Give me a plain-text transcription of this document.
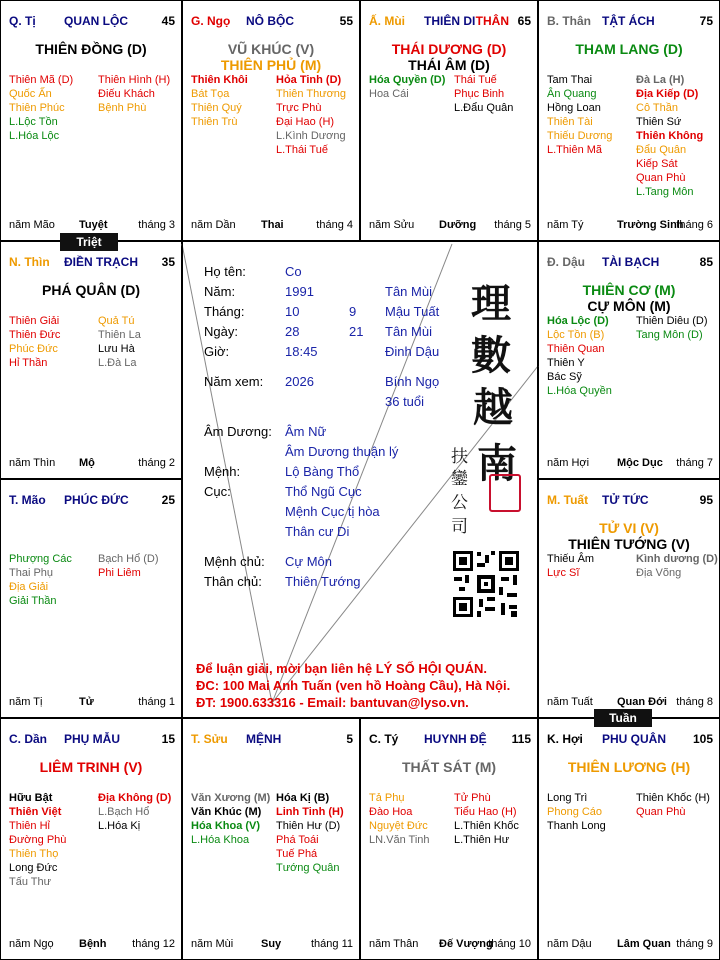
Q. Tị QUAN LỘC	45
THIÊN ĐỒNG (D)
Thiên Mã (D)
Quốc Ấn
Thiên Phúc
L.Lộc Tồn
L.Hóa Lộc
Thiên Hình (H)
Điếu Khách
Bệnh Phù
năm Mão Tuyệt	tháng 3
G. Ngọ NÔ BỘC	55
VŨ KHÚC (V)
THIÊN PHỦ (M)
Thiên Khôi
Bát Tọa
Thiên Quý
Thiên Trù
Hỏa Tinh (D)
Thiên Thương
Trực Phù
Đại Hao (H)
L.Kình Dương
L.Thái Tuế
năm Dần Thai	tháng 4
Ấ. Mùi THIÊN DI	65
THÂN
THÁI DƯƠNG (D)
THÁI ÂM (D)
Hóa Quyền (D)
Hoa Cái
Thái Tuế
Phục Binh
L.Đẩu Quân
năm Sửu Dưỡng tháng 5
B. Thân TẬT ÁCH	75
THAM LANG (D)
Tam Thai
Ân Quang
Hồng Loan
Thiên Tài
Thiếu Dương
L.Thiên Mã
Đà La (H)
Địa Kiếp (D)
Cô Thần
Thiên Sứ
Thiên Không
Đẩu Quân
Kiếp Sát
Quan Phù
L.Tang Môn
năm Tý	Trường Sinh
tháng 6
Đ. Dậu TÀI BẠCH	85
THIÊN CƠ (M)
CỰ MÔN (M)
Hóa Lộc (D)
Lộc Tồn (B)
Thiên Quan
Thiên Y
Bác Sỹ
L.Hóa Quyền
Thiên Diêu (D)
Tang Môn (D)
năm Hợi	Mộc Dục tháng 7
M. Tuất TỬ TỨC	95
TỬ VI (V)
THIÊN TƯỚNG (V)
Thiếu Âm
Lực Sĩ
Kình dương (D)
Địa Võng
năm Tuất Quan Đới tháng 8
K. Hợi PHU QUÂN 105
THIÊN LƯƠNG (H)
Long Trì
Phong Cáo
Thanh Long
Thiên Khốc (H)
Quan Phù
năm Dậu Lâm Quan tháng 9
C. Tý HUYNH ĐỆ 115
THẤT SÁT (M)
Tả Phụ
Đào Hoa
Nguyệt Đức
LN.Văn Tinh
Tử Phù
Tiểu Hao (H)
L.Thiên Khốc
L.Thiên Hư
năm Thân Đế Vượng
tháng 10
T. Sửu MỆNH	5
Văn Xương (M)
Văn Khúc (M)
Hóa Khoa (V)
L.Hóa Khoa
Hóa Kị (B)
Linh Tinh (H)
Thiên Hư (D)
Phá Toái
Tuế Phá
Tướng Quân
năm Mùi	Suy	tháng 11
C. Dần PHỤ MẪU	15
LIÊM TRINH (V)
Hữu Bật
Thiên Việt
Thiên Hỉ
Đường Phù
Thiên Thọ
Long Đức
Tấu Thư
Địa Không (D)
L.Bạch Hổ
L.Hóa Kị
năm Ngọ Bệnh tháng 12
T. Mão PHÚC ĐỨC	25
Phượng Các
Thai Phụ
Địa Giải
Giải Thần
Bạch Hổ (D)
Phi Liêm
năm Tị	Tử	tháng 1
N. Thìn ĐIỀN TRẠCH 35
PHÁ QUÂN (D)
Thiên Giải
Thiên Đức
Phúc Đức
Hỉ Thần
Quả Tú
Thiên La
Lưu Hà
L.Đà La
năm Thìn Mộ	tháng 2
Họ tên:	Co
Năm:	1991	Tân Mùi
Tháng:	10	9 Mậu Tuất
Ngày:	28	21 Tân Mùi
Giờ:	18:45	Đinh Dậu
Năm xem: 2026	Bính Ngọ
36 tuổi
Âm Dương: Âm Nữ
Âm Dương thuận lý
Mệnh:	Lộ Bàng Thổ
Cục:	Thổ Ngũ Cục
Mệnh Cục tị hòa
Thân cư Di
Mệnh chủ: Cự Môn
Thân chủ: Thiên Tướng
理
數
越
南
扶
鑾
公
司
Để luận giải, mời bạn liên hệ LÝ SỐ HỘI QUÁN.
ĐC: 100 Mai Anh Tuấn (ven hồ Hoàng Cầu), Hà Nội.
ĐT: 1900.633316 - Email: bantuvan@lyso.vn.
Triệt
Tuần
